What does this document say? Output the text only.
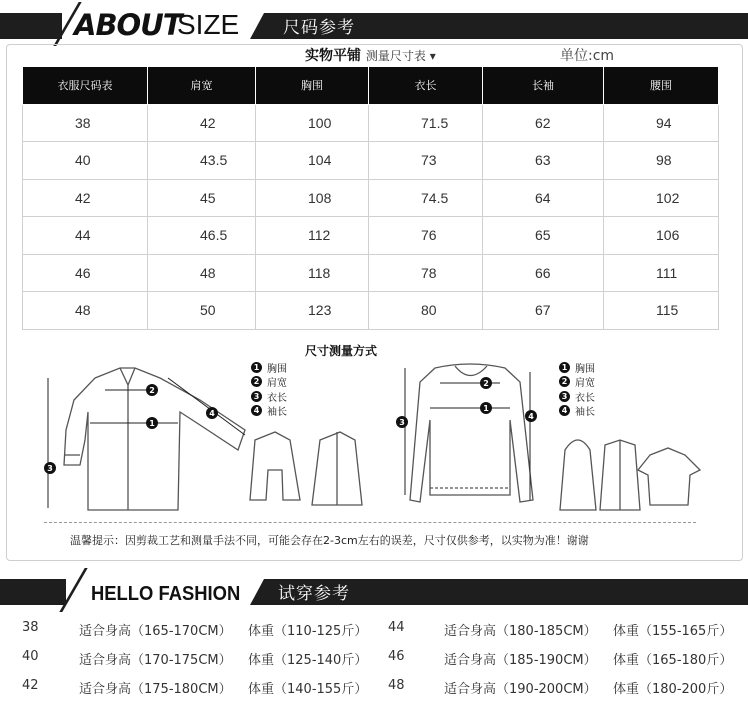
ABOUT
SIZE	尺码参考
实物平铺 测量尺寸表 ▾	单位:cm
衣服尺码表	肩宽	胸围	衣长	长袖	腰围
38	42	100	71.5	62	94
40	43.5	104	73	63	98
42	45	108	74.5	64	102
44	46.5	112	76	65	106
46	48	118	78	66	111
48	50	123	80	67	115
尺寸测量方式
3
1
2
4
3
2
1
4
1 胸围
2 肩宽
3 衣长
4 袖长
1 胸围
2 肩宽
3 衣长
4 袖长
温馨提示：因剪裁工艺和测量手法不同，可能会存在2-3cm左右的误差，尺寸仅供参考，以实物为准！谢谢
HELLO FASHION 试穿参考
38	适合身高（165-170CM） 体重（110-125斤）
40	适合身高（170-175CM） 体重（125-140斤）
42	适合身高（175-180CM） 体重（140-155斤）
44	适合身高（180-185CM） 体重（155-165斤）
46	适合身高（185-190CM） 体重（165-180斤）
48	适合身高（190-200CM） 体重（180-200斤）
